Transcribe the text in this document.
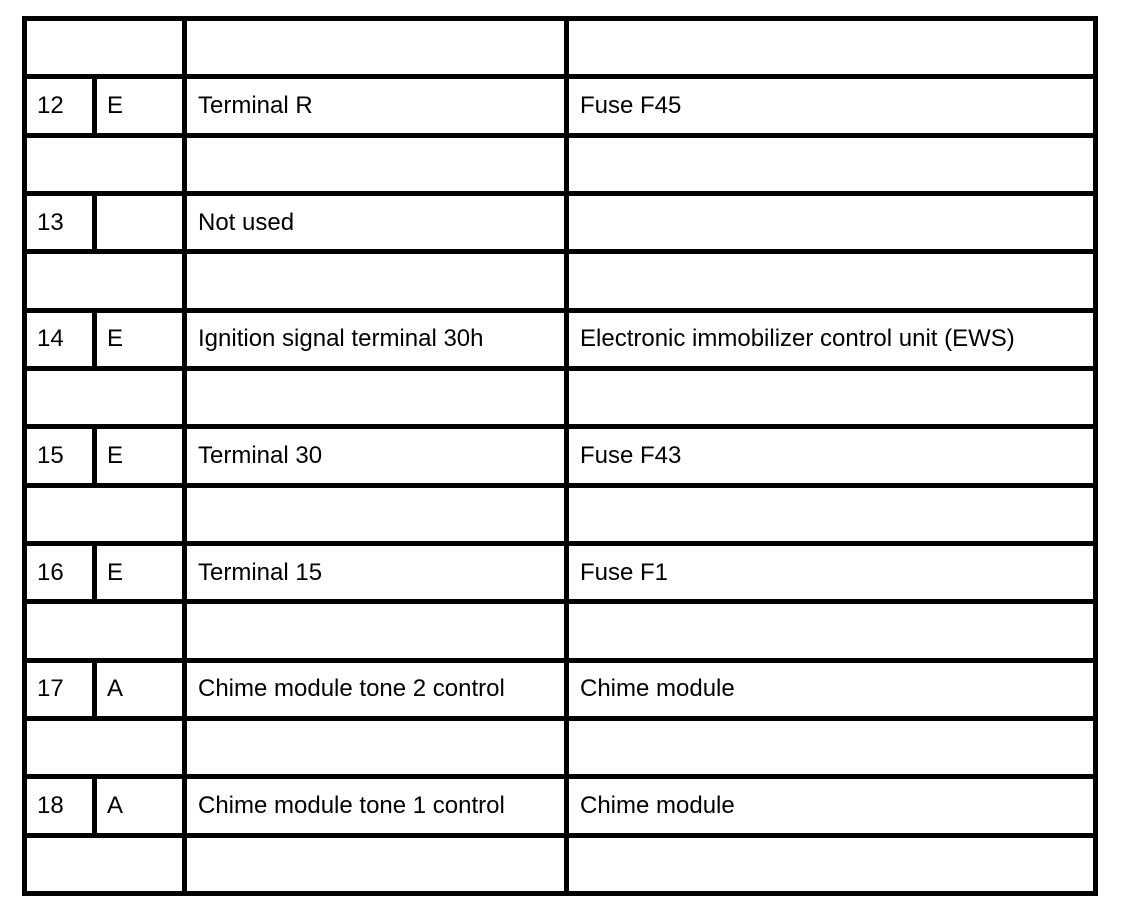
12	E	Terminal R	Fuse F45

13		Not used	

14	E	Ignition signal terminal 30h	Electronic immobilizer control unit (EWS)

15	E	Terminal 30	Fuse F43

16	E	Terminal 15	Fuse F1

17	A	Chime module tone 2 control	Chime module

18	A	Chime module tone 1 control	Chime module
